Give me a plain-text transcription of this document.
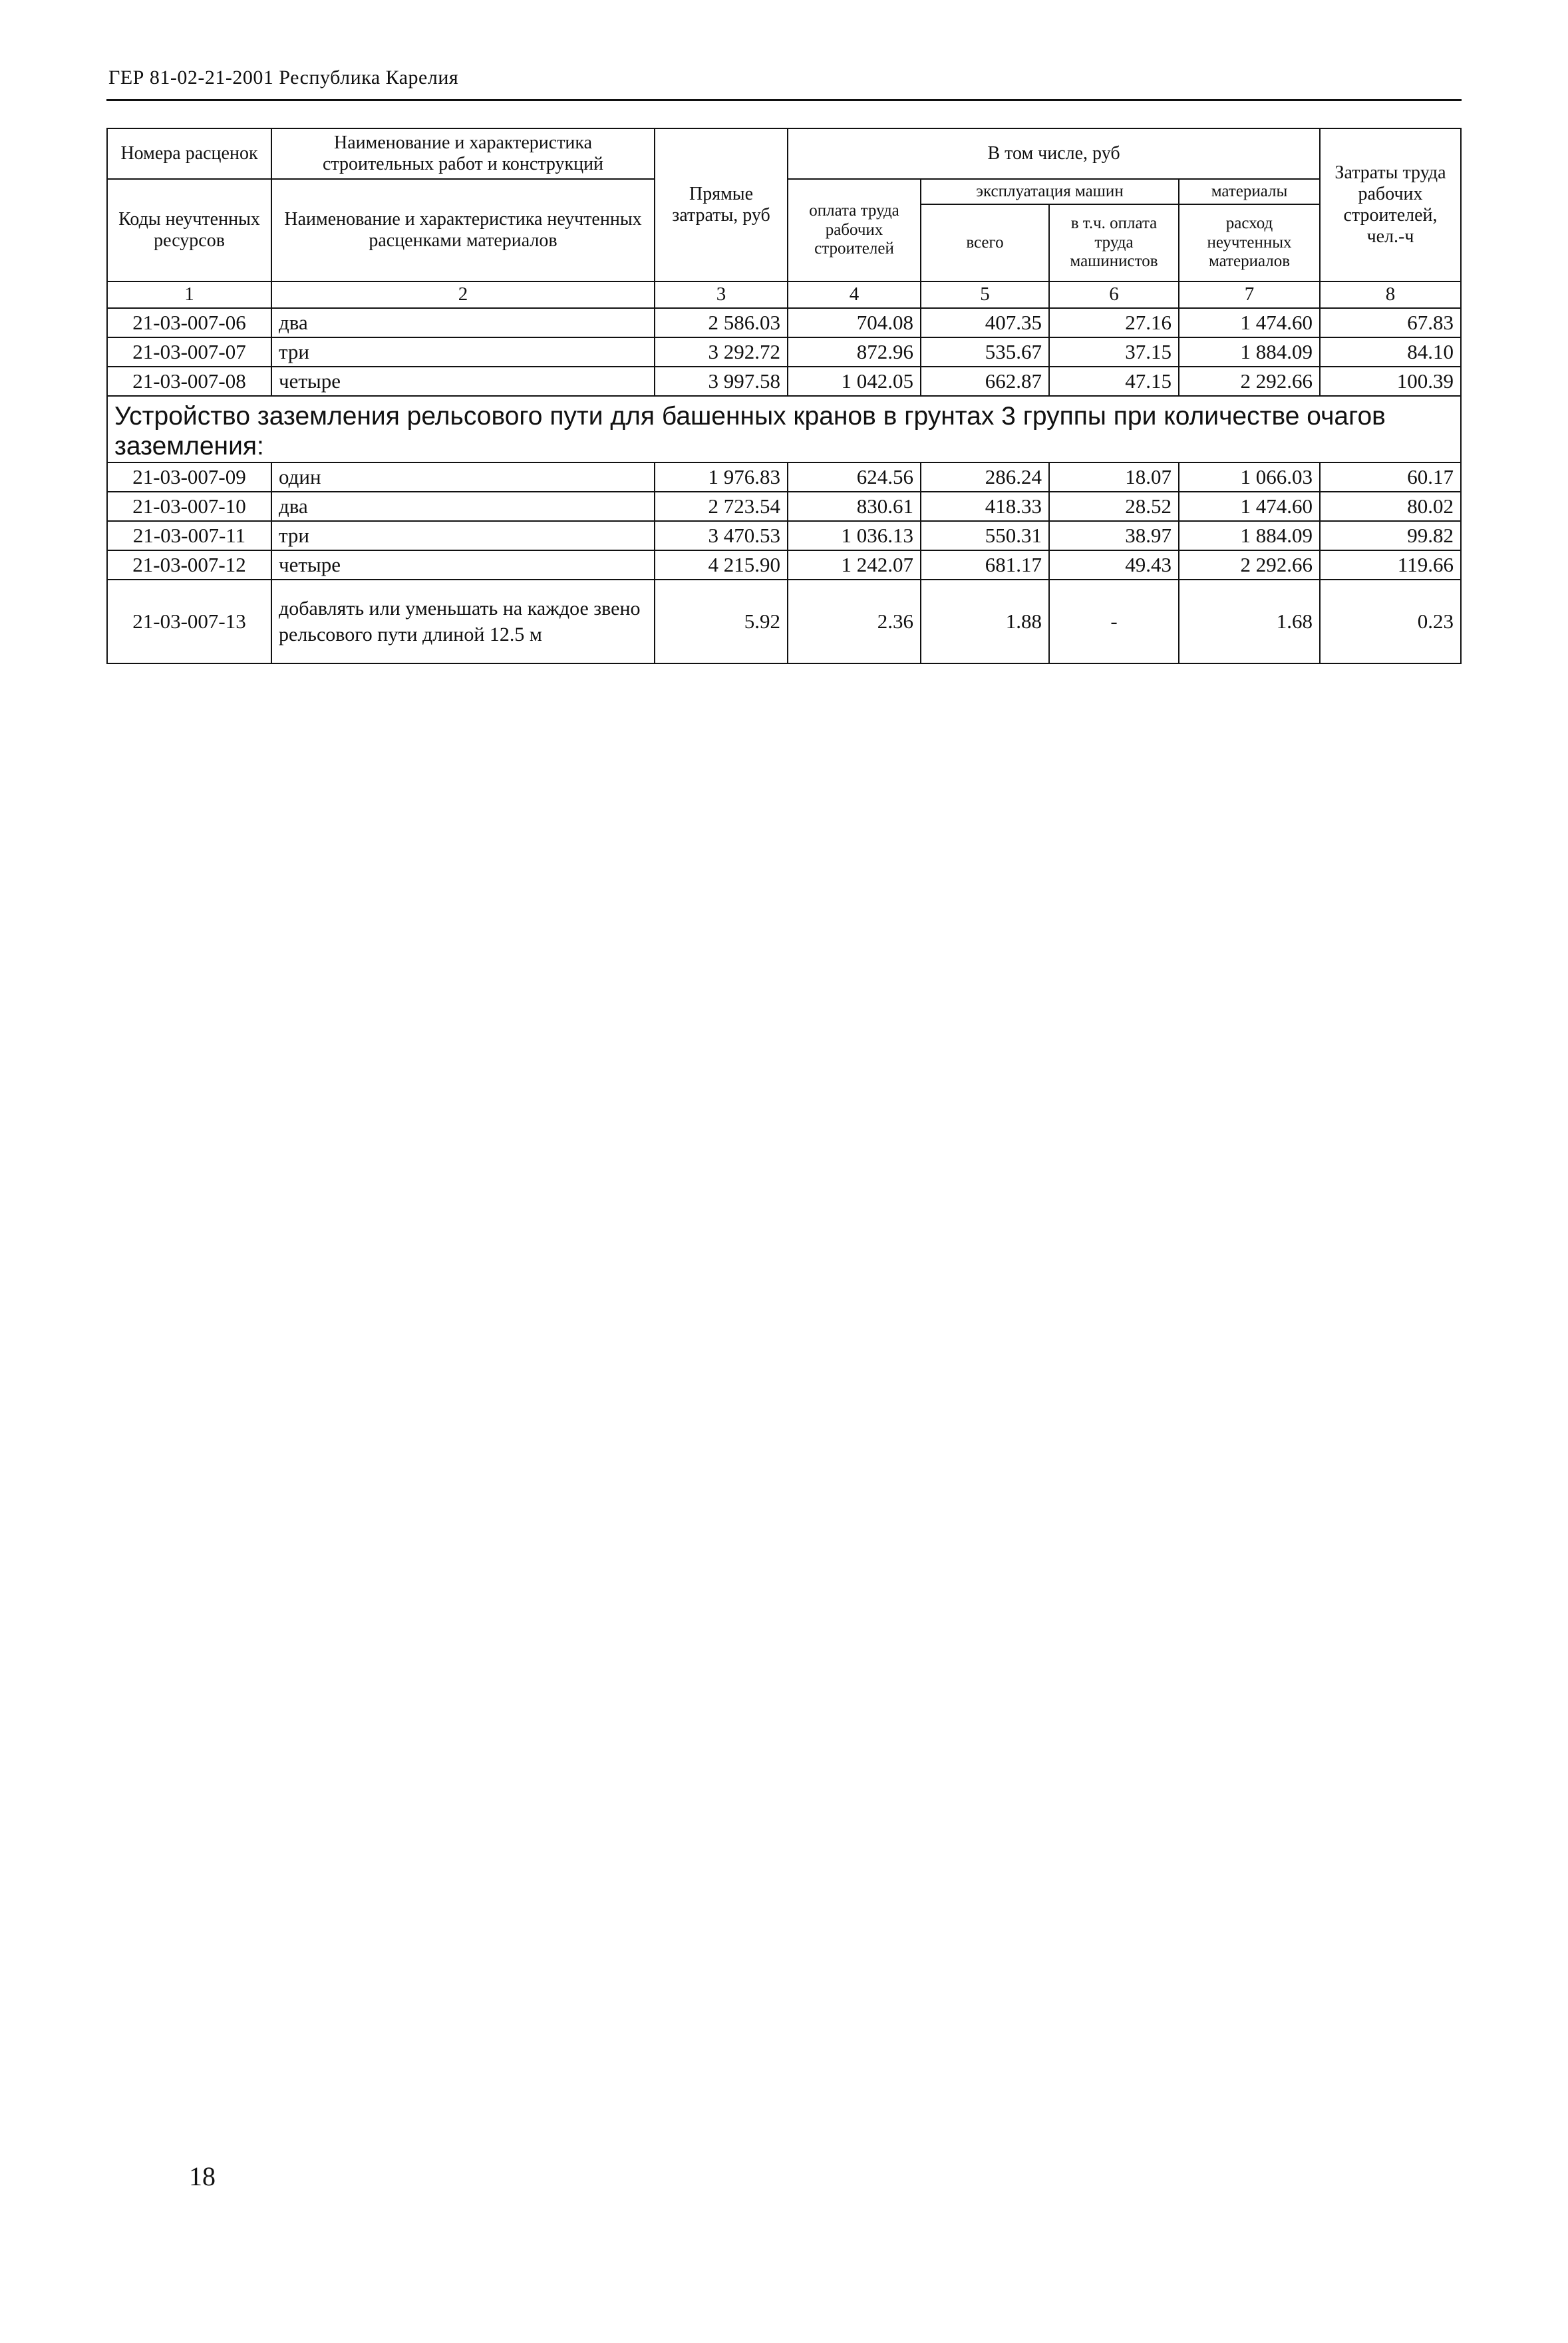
ГЕР 81-02-21-2001 Республика Карелия
Номера расценок	Наименование и характеристика строительных работ и конструкций	Прямые затраты, руб	В том числе, руб				Затраты труда рабочих строителей, чел.-ч
Коды неучтенных ресурсов	Наименование и характеристика неучтенных расценками материалов		оплата труда рабочих строителей	эксплуатация машин		материалы	
				всего	в т.ч. оплата труда машинистов	расход неучтенных материалов	
1	2	3	4	5	6	7	8
21-03-007-06	два	2 586.03	704.08	407.35	27.16	1 474.60	67.83
21-03-007-07	три	3 292.72	872.96	535.67	37.15	1 884.09	84.10
21-03-007-08	четыре	3 997.58	1 042.05	662.87	47.15	2 292.66	100.39
Устройство заземления рельсового пути для башенных кранов в грунтах 3 группы при количестве очагов заземления:							
21-03-007-09	один	1 976.83	624.56	286.24	18.07	1 066.03	60.17
21-03-007-10	два	2 723.54	830.61	418.33	28.52	1 474.60	80.02
21-03-007-11	три	3 470.53	1 036.13	550.31	38.97	1 884.09	99.82
21-03-007-12	четыре	4 215.90	1 242.07	681.17	49.43	2 292.66	119.66
21-03-007-13	добавлять или уменьшать на каждое звено рельсового пути длиной 12.5 м	5.92	2.36	1.88	-	1.68	0.23
18
